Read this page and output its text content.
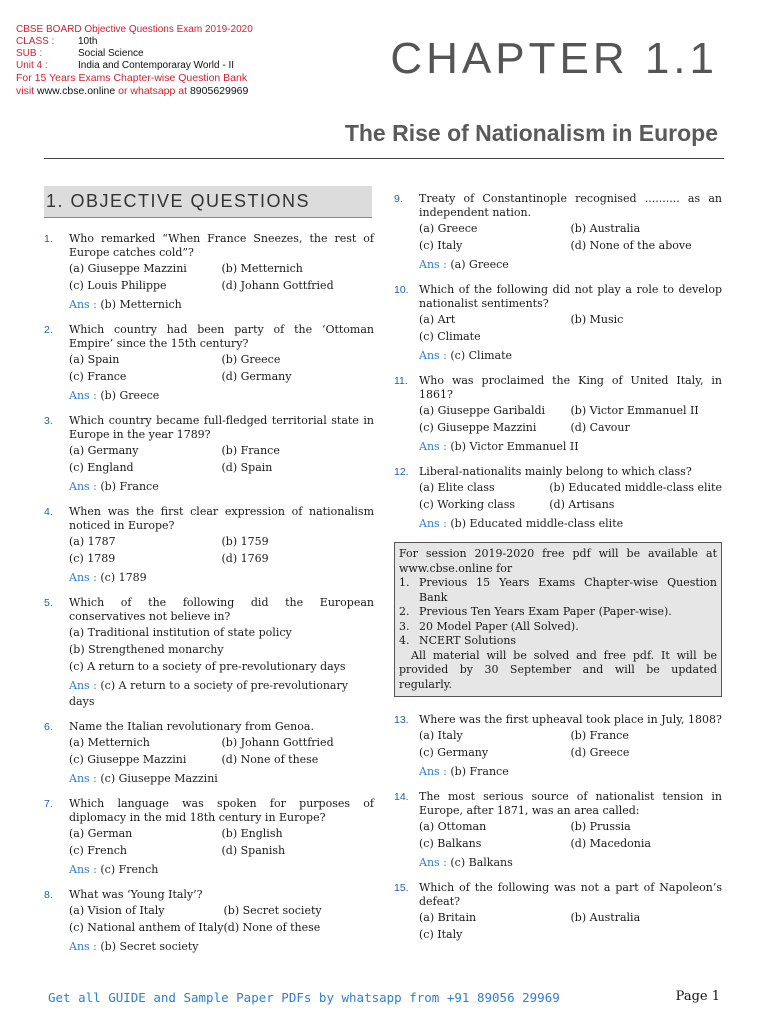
CBSE BOARD Objective Questions Exam 2019-2020
CLASS :	10th
SUB :	Social Science
Unit 4 :	India and Contemporaray World - II
For 15 Years Exams Chapter-wise Question Bank
visit www.cbse.online or whatsapp at 8905629969
CHAPTER 1.1
The Rise of Nationalism in Europe
1. OBJECTIVE QUESTIONS
1. Who remarked “When France Sneezes, the rest of Europe catches cold”?
(a) Giuseppe Mazzini	(b) Metternich
(c) Louis Philippe	(d) Johann Gottfried
Ans : (b) Metternich
2. Which country had been party of the ‘Ottoman Empire’ since the 15th century?
(a) Spain	(b) Greece
(c) France	(d) Germany
Ans : (b) Greece
3. Which country became full-fledged territorial state in Europe in the year 1789?
(a) Germany	(b) France
(c) England	(d) Spain
Ans : (b) France
4. When was the first clear expression of nationalism noticed in Europe?
(a) 1787	(b) 1759
(c) 1789	(d) 1769
Ans : (c) 1789
5. Which of the following did the European conservatives not believe in?
(a) Traditional institution of state policy
(b) Strengthened monarchy
(c) A return to a society of pre-revolutionary days
Ans : (c) A return to a society of pre-revolutionary days
6. Name the Italian revolutionary from Genoa.
(a) Metternich	(b) Johann Gottfried
(c) Giuseppe Mazzini	(d) None of these
Ans : (c) Giuseppe Mazzini
7. Which language was spoken for purposes of diplomacy in the mid 18th century in Europe?
(a) German	(b) English
(c) French	(d) Spanish
Ans : (c) French
8. What was ‘Young Italy’?
(a) Vision of Italy	(b) Secret society
(c) National anthem of Italy (d) None of these
Ans : (b) Secret society
9. Treaty of Constantinople recognised .......... as an independent nation.
(a) Greece	(b) Australia
(c) Italy	(d) None of the above
Ans : (a) Greece
10. Which of the following did not play a role to develop nationalist sentiments?
(a) Art	(b) Music
(c) Climate
Ans : (c) Climate
11. Who was proclaimed the King of United Italy, in 1861?
(a) Giuseppe Garibaldi	(b) Victor Emmanuel II
(c) Giuseppe Mazzini	(d) Cavour
Ans : (b) Victor Emmanuel II
12. Liberal-nationalits mainly belong to which class?
(a) Elite class	(b) Educated middle-class elite
(c) Working class	(d) Artisans
Ans : (b) Educated middle-class elite
For session 2019-2020 free pdf will be available at www.cbse.online for
1. Previous 15 Years Exams Chapter-wise Question Bank
2. Previous Ten Years Exam Paper (Paper-wise).
3. 20 Model Paper (All Solved).
4. NCERT Solutions
All material will be solved and free pdf. It will be provided by 30 September and will be updated regularly.
13. Where was the first upheaval took place in July, 1808?
(a) Italy	(b) France
(c) Germany	(d) Greece
Ans : (b) France
14. The most serious source of nationalist tension in Europe, after 1871, was an area called:
(a) Ottoman	(b) Prussia
(c) Balkans	(d) Macedonia
Ans : (c) Balkans
15. Which of the following was not a part of Napoleon’s defeat?
(a) Britain	(b) Australia
(c) Italy
Get all GUIDE and Sample Paper PDFs by whatsapp from +91 89056 29969	Page 1
